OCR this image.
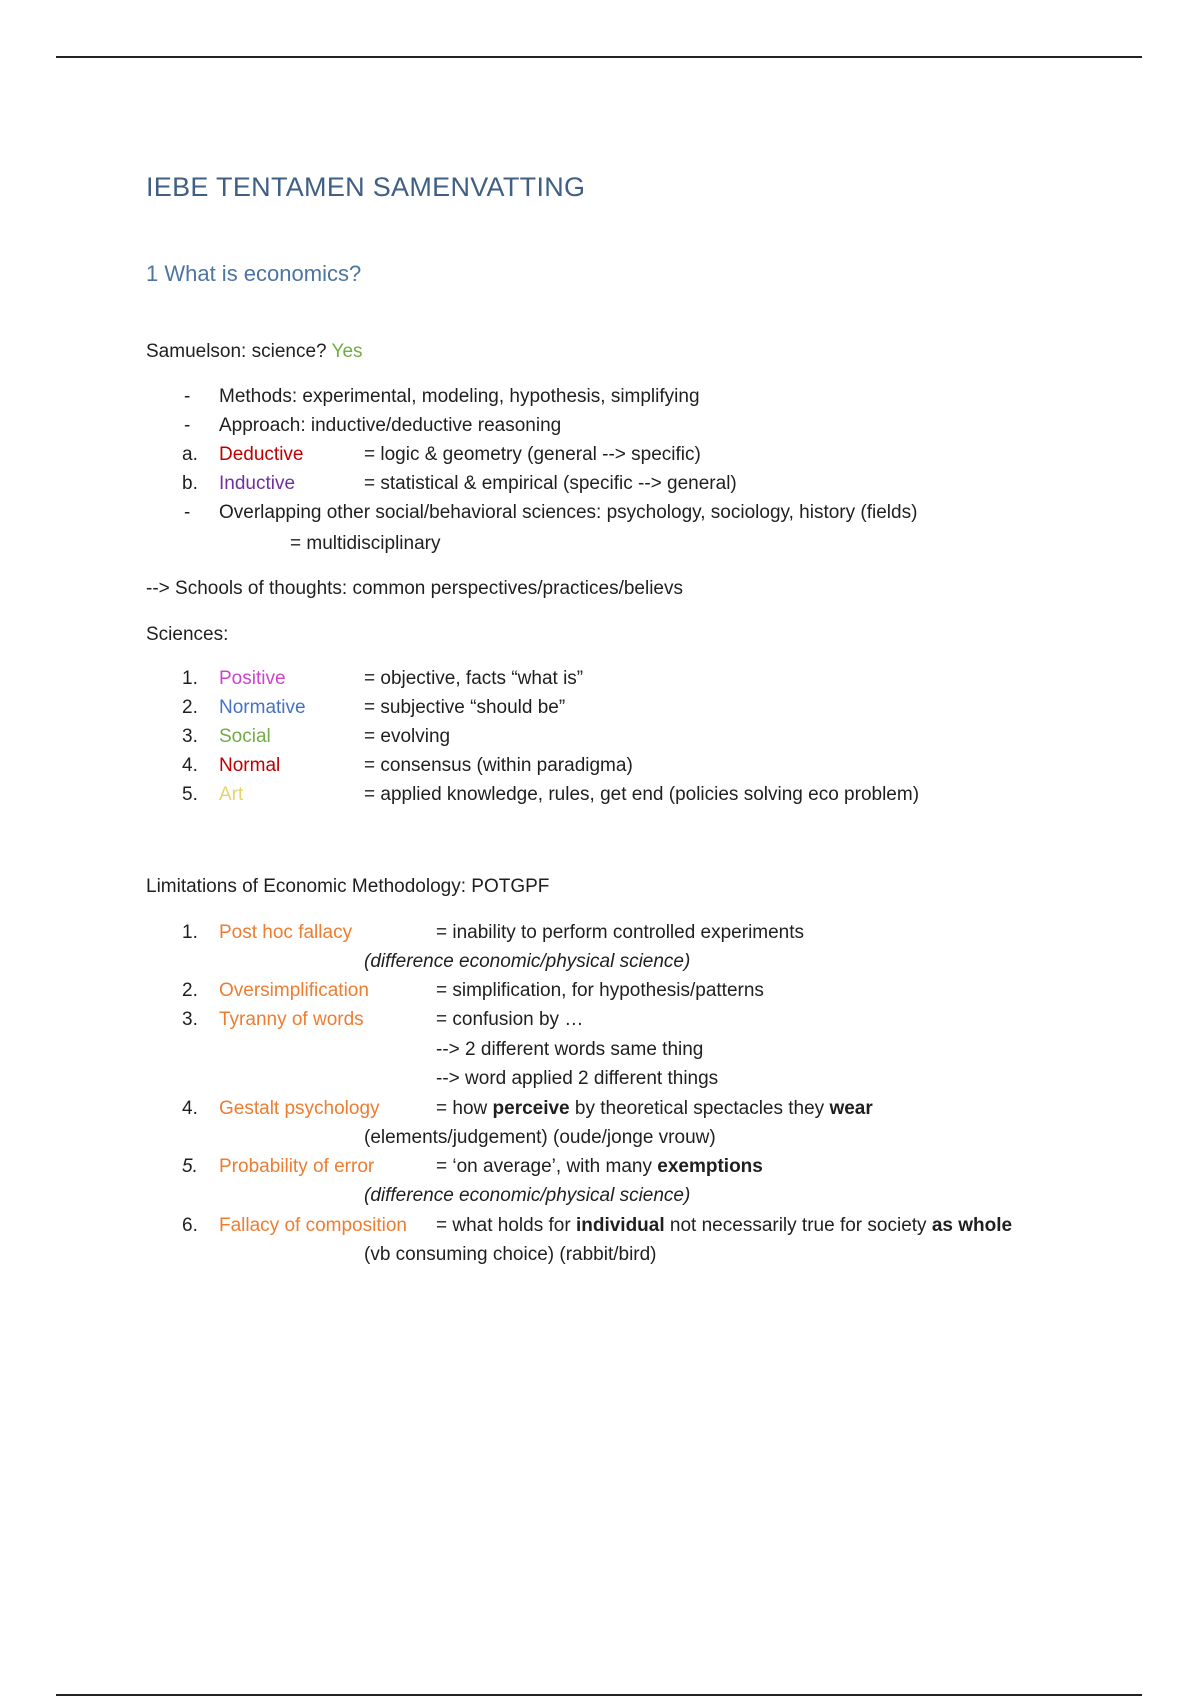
IEBE TENTAMEN SAMENVATTING
1 What is economics?
Samuelson: science? Yes
- Methods: experimental, modeling, hypothesis, simplifying
- Approach: inductive/deductive reasoning
a. Deductive	= logic & geometry (general --> specific)
b. Inductive	= statistical & empirical (specific --> general)
- Overlapping other social/behavioral sciences: psychology, sociology, history (fields)
= multidisciplinary
--> Schools of thoughts: common perspectives/practices/believs
Sciences:
1. Positive	= objective, facts “what is”
2. Normative	= subjective “should be”
3. Social	= evolving
4. Normal	= consensus (within paradigma)
5. Art	= applied knowledge, rules, get end (policies solving eco problem)
Limitations of Economic Methodology: POTGPF
1. Post hoc fallacy	= inability to perform controlled experiments
(difference economic/physical science)
2. Oversimplification	= simplification, for hypothesis/patterns
3. Tyranny of words	= confusion by …
--> 2 different words same thing
--> word applied 2 different things
4. Gestalt psychology	= how perceive by theoretical spectacles they wear
(elements/judgement) (oude/jonge vrouw)
5. Probability of error	= ‘on average’, with many exemptions
(difference economic/physical science)
6. Fallacy of composition = what holds for individual not necessarily true for society as whole
(vb consuming choice) (rabbit/bird)
